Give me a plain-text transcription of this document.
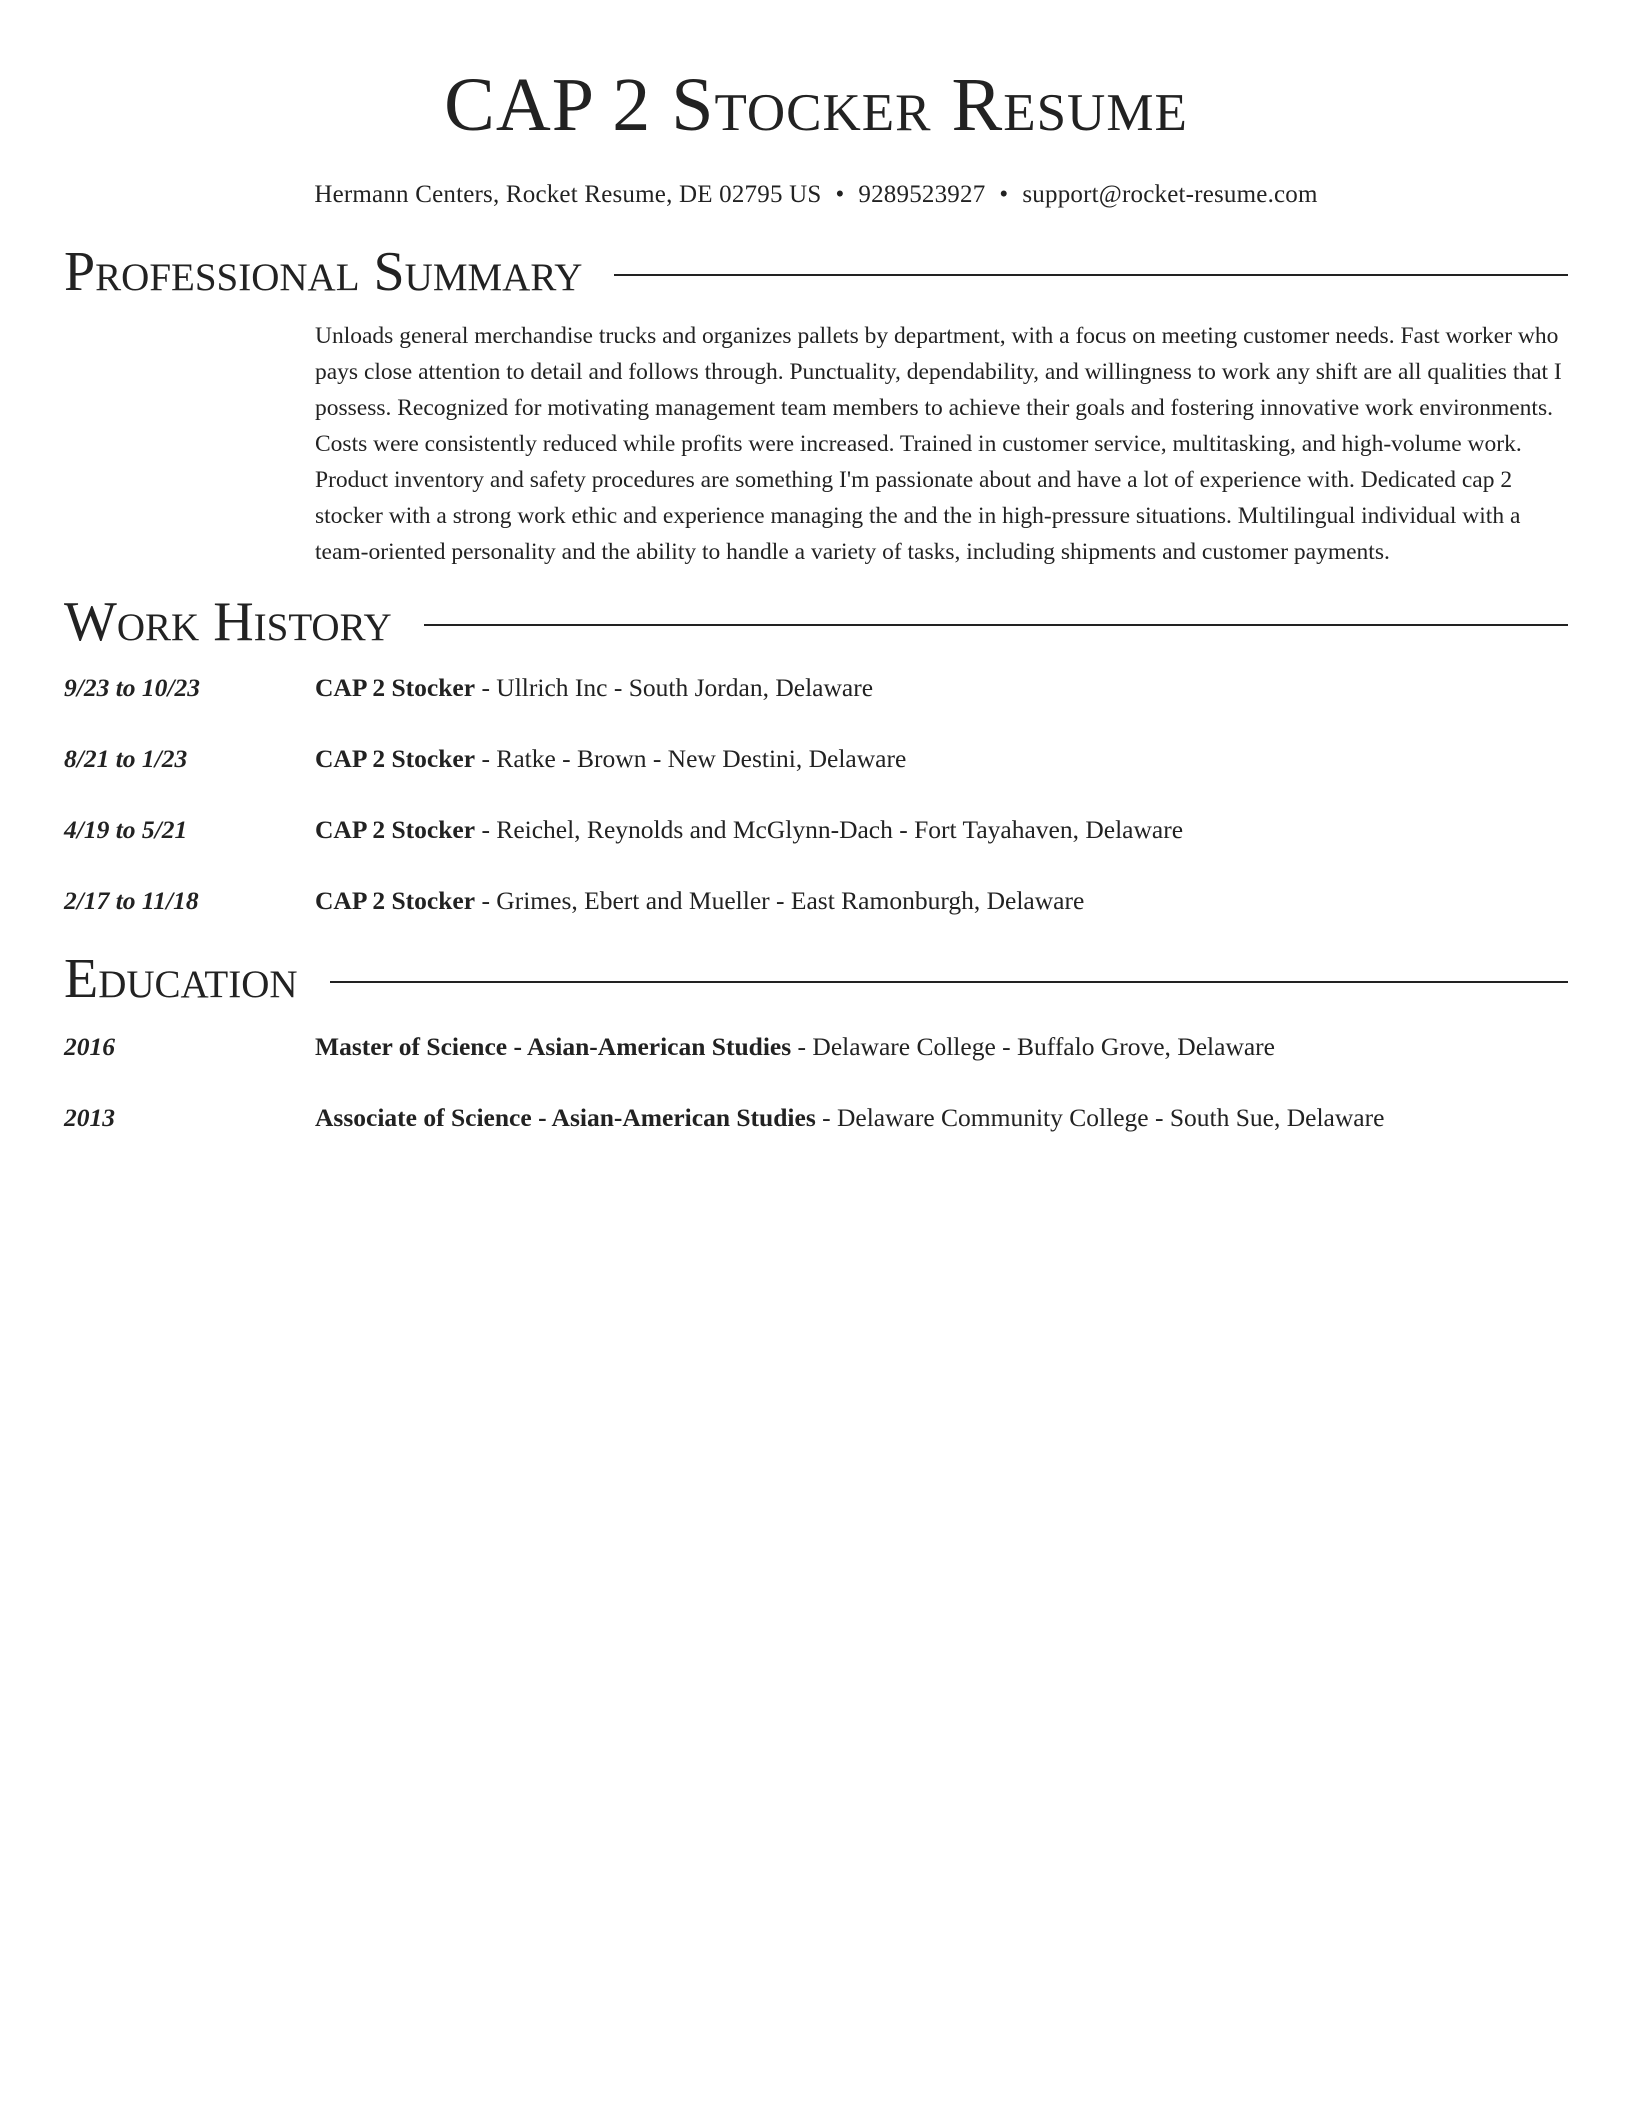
CAP 2 Stocker Resume
Hermann Centers, Rocket Resume, DE 02795 US • 9289523927 • support@rocket-resume.com
Professional Summary
Unloads general merchandise trucks and organizes pallets by department, with a focus on meeting customer needs. Fast worker who pays close attention to detail and follows through. Punctuality, dependability, and willingness to work any shift are all qualities that I possess. Recognized for motivating management team members to achieve their goals and fostering innovative work environments. Costs were consistently reduced while profits were increased. Trained in customer service, multitasking, and high-volume work. Product inventory and safety procedures are something I'm passionate about and have a lot of experience with. Dedicated cap 2 stocker with a strong work ethic and experience managing the and the in high-pressure situations. Multilingual individual with a team-oriented personality and the ability to handle a variety of tasks, including shipments and customer payments.
Work History
9/23 to 10/23	CAP 2 Stocker - Ullrich Inc - South Jordan, Delaware
8/21 to 1/23	CAP 2 Stocker - Ratke - Brown - New Destini, Delaware
4/19 to 5/21	CAP 2 Stocker - Reichel, Reynolds and McGlynn-Dach - Fort Tayahaven, Delaware
2/17 to 11/18	CAP 2 Stocker - Grimes, Ebert and Mueller - East Ramonburgh, Delaware
Education
2016	Master of Science - Asian-American Studies - Delaware College - Buffalo Grove, Delaware
2013	Associate of Science - Asian-American Studies - Delaware Community College - South Sue, Delaware
